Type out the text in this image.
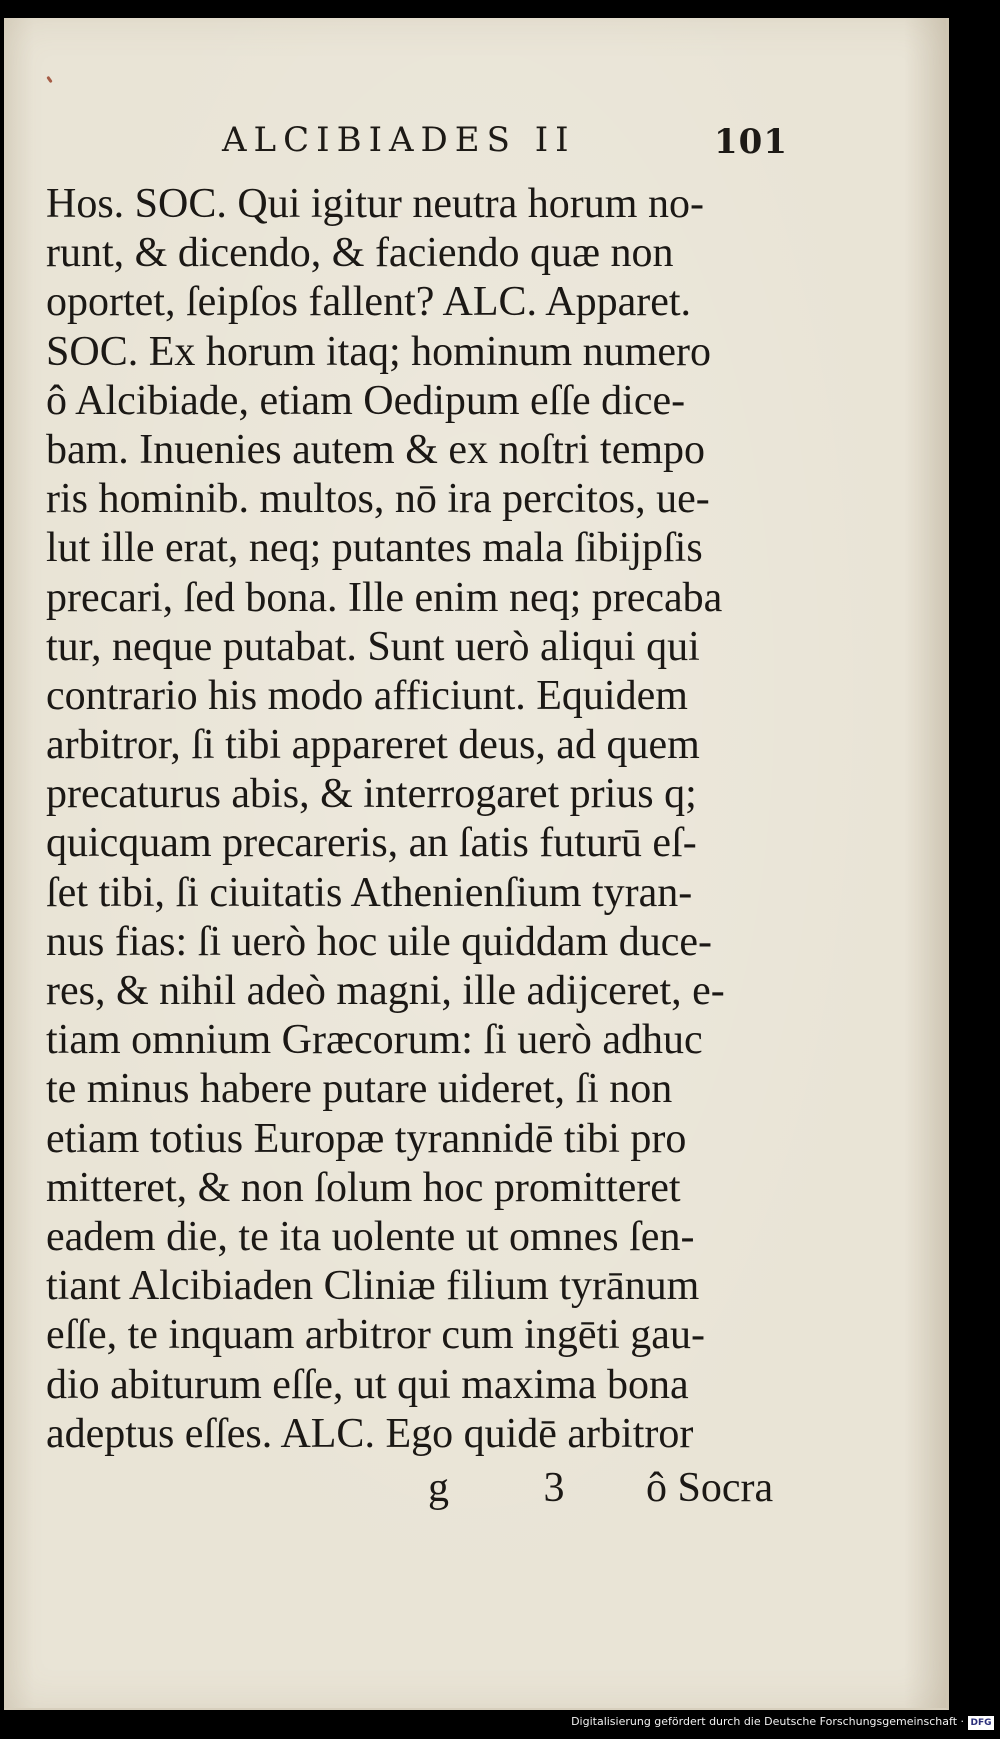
ALCIBIADES II	101
Hos. SOC. Qui igitur neutra horum no-
runt, & dicendo, & faciendo quæ non
oportet, ſeipſos fallent? ALC. Apparet.
SOC. Ex horum itaq; hominum numero
ô Alcibiade, etiam Oedipum eſſe dice-
bam. Inuenies autem & ex noſtri tempo
ris hominib. multos, nō ira percitos, ue-
lut ille erat, neq; putantes mala ſibijpſis
precari, ſed bona. Ille enim neq; precaba
tur, neque putabat. Sunt uerò aliqui qui
contrario his modo afficiunt. Equidem
arbitror, ſi tibi appareret deus, ad quem
precaturus abis, & interrogaret prius q;
quicquam precareris, an ſatis futurū eſ-
ſet tibi, ſi ciuitatis Athenienſium tyran-
nus fias: ſi uerò hoc uile quiddam duce-
res, & nihil adeò magni, ille adijceret, e-
tiam omnium Græcorum: ſi uerò adhuc
te minus habere putare uideret, ſi non
etiam totius Europæ tyrannidē tibi pro
mitteret, & non ſolum hoc promitteret
eadem die, te ita uolente ut omnes ſen-
tiant Alcibiaden Cliniæ filium tyrānum
eſſe, te inquam arbitror cum ingēti gau-
dio abiturum eſſe, ut qui maxima bona
adeptus eſſes. ALC. Ego quidē arbitror
g 3 ô Socra
Digitalisierung gefördert durch die Deutsche Forschungsgemeinschaft · DFG
